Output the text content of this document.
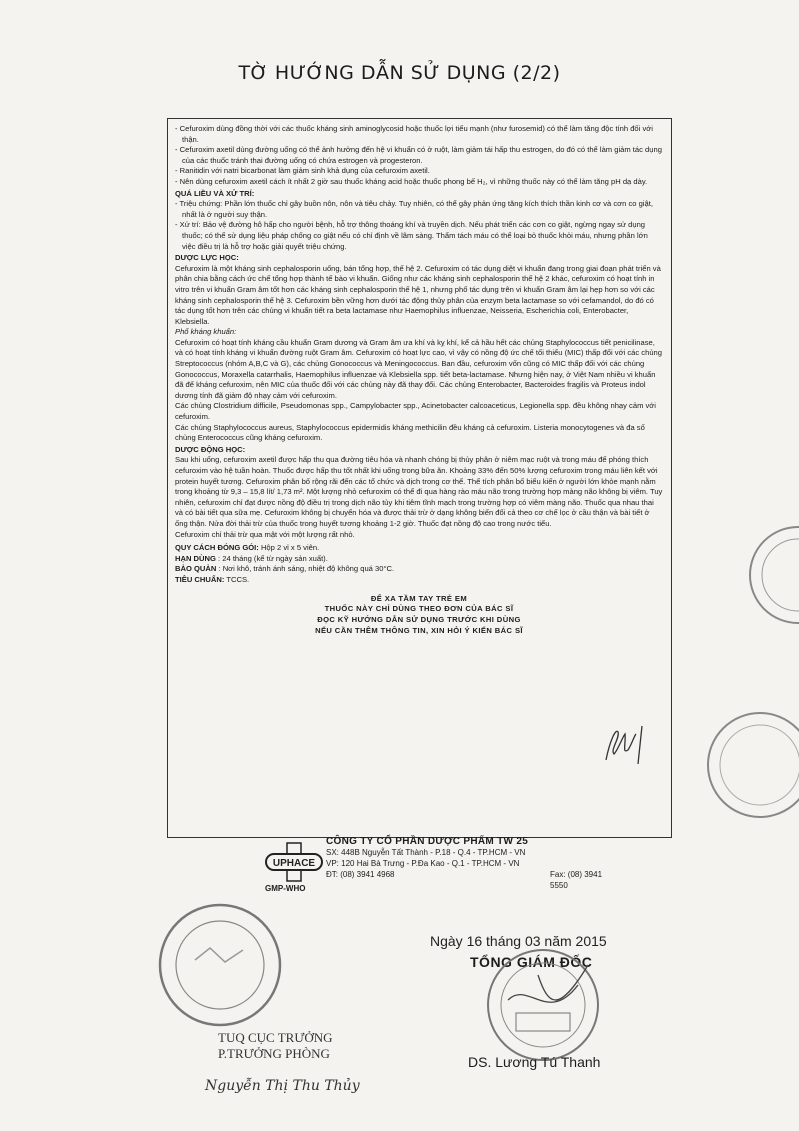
TỜ HƯỚNG DẪN SỬ DỤNG (2/2)

- Cefuroxim dùng đồng thời với các thuốc kháng sinh aminoglycosid hoặc thuốc lợi tiểu mạnh (như furosemid) có thể làm tăng độc tính đối với thận.

- Cefuroxim axetil dùng đường uống có thể ảnh hưởng đến hệ vi khuẩn có ở ruột, làm giảm tái hấp thu estrogen, do đó có thể làm giảm tác dụng của các thuốc tránh thai đường uống có chứa estrogen và progesteron.

- Ranitidin với natri bicarbonat làm giảm sinh khả dụng của cefuroxim axetil.

- Nên dùng cefuroxim axetil cách ít nhất 2 giờ sau thuốc kháng acid hoặc thuốc phong bế H₂, vì những thuốc này có thể làm tăng pH dạ dày.

QUÁ LIỀU VÀ XỬ TRÍ:

- Triệu chứng: Phần lớn thuốc chỉ gây buồn nôn, nôn và tiêu chảy. Tuy nhiên, có thể gây phản ứng tăng kích thích thần kinh cơ và cơn co giật, nhất là ở người suy thận.

- Xử trí: Bảo vệ đường hô hấp cho người bệnh, hỗ trợ thông thoáng khí và truyền dịch. Nếu phát triển các cơn co giật, ngừng ngay sử dụng thuốc; có thể sử dụng liệu pháp chống co giật nếu có chỉ định về lâm sàng. Thẩm tách máu có thể loại bỏ thuốc khỏi máu, nhưng phần lớn việc điều trị là hỗ trợ hoặc giải quyết triệu chứng.

DƯỢC LỰC HỌC:

Cefuroxim là một kháng sinh cephalosporin uống, bán tổng hợp, thế hệ 2. Cefuroxim có tác dụng diệt vi khuẩn đang trong giai đoạn phát triển và phân chia bằng cách ức chế tổng hợp thành tế bào vi khuẩn. Giống như các kháng sinh cephalosporin thế hệ 2 khác, cefuroxim có hoạt tính in vitro trên vi khuẩn Gram âm tốt hơn các kháng sinh cephalosporin thế hệ 1, nhưng phổ tác dụng trên vi khuẩn Gram âm lại hẹp hơn so với các kháng sinh cephalosporin thế hệ 3. Cefuroxim bền vững hơn dưới tác động thủy phân của enzym beta lactamase so với cefamandol, do đó có tác dụng tốt hơn trên các chủng vi khuẩn tiết ra beta lactamase như Haemophilus influenzae, Neisseria, Escherichia coli, Enterobacter, Klebsiella.

Phổ kháng khuẩn:

Cefuroxim có hoạt tính kháng cầu khuẩn Gram dương và Gram âm ưa khí và kỵ khí, kể cả hầu hết các chủng Staphylococcus tiết penicilinase, và có hoạt tính kháng vi khuẩn đường ruột Gram âm. Cefuroxim có hoạt lực cao, vì vậy có nồng độ ức chế tối thiểu (MIC) thấp đối với các chủng Streptococcus (nhóm A,B,C và G), các chủng Gonococcus và Meningococcus. Ban đầu, cefuroxim vốn cũng có MIC thấp đối với các chủng Gonococcus, Moraxella catarrhalis, Haemophilus influenzae và Klebsiella spp. tiết beta-lactamase. Nhưng hiện nay, ở Việt Nam nhiều vi khuẩn đã để kháng cefuroxim, nên MIC của thuốc đối với các chủng này đã thay đổi. Các chủng Enterobacter, Bacteroides fragilis và Proteus indol dương tính đã giảm độ nhạy cảm với cefuroxim.

Các chủng Clostridium difficile, Pseudomonas spp., Campylobacter spp., Acinetobacter calcoaceticus, Legionella spp. đều không nhạy cảm với cefuroxim.

Các chủng Staphylococcus aureus, Staphylococcus epidermidis kháng methicilin đều kháng cả cefuroxim. Listeria monocytogenes và đa số chủng Enterococcus cũng kháng cefuroxim.

DƯỢC ĐỘNG HỌC:

Sau khi uống, cefuroxim axetil được hấp thu qua đường tiêu hóa và nhanh chóng bị thủy phân ở niêm mạc ruột và trong máu để phóng thích cefuroxim vào hệ tuần hoàn. Thuốc được hấp thu tốt nhất khi uống trong bữa ăn. Khoảng 33% đến 50% lượng cefuroxim trong máu liên kết với protein huyết tương. Cefuroxim phân bố rộng rãi đến các tổ chức và dịch trong cơ thể. Thể tích phân bố biểu kiến ở người lớn khỏe mạnh nằm trong khoảng từ 9,3 – 15,8 lít/ 1,73 m². Một lượng nhỏ cefuroxim có thể đi qua hàng rào máu não trong trường hợp màng não không bị viêm. Tuy nhiên, cefuroxim chỉ đạt được nồng độ điều trị trong dịch não tủy khi tiêm tĩnh mạch trong trường hợp có viêm màng não. Thuốc qua nhau thai và có bài tiết qua sữa mẹ. Cefuroxim không bị chuyển hóa và được thải trừ ở dạng không biến đổi cả theo cơ chế lọc ở cầu thận và bài tiết ở ống thận. Nửa đời thải trừ của thuốc trong huyết tương khoảng 1-2 giờ. Thuốc đạt nồng độ cao trong nước tiểu.

Cefuroxim chỉ thải trừ qua mật với một lượng rất nhỏ.

QUY CÁCH ĐÓNG GÓI: Hộp 2 vỉ x 5 viên.

HẠN DÙNG : 24 tháng (kể từ ngày sản xuất).

BẢO QUẢN : Nơi khô, tránh ánh sáng, nhiệt độ không quá 30°C.

TIÊU CHUẨN: TCCS.

ĐỂ XA TẦM TAY TRẺ EM
THUỐC NÀY CHỈ DÙNG THEO ĐƠN CỦA BÁC SĨ
ĐỌC KỸ HƯỚNG DẪN SỬ DỤNG TRƯỚC KHI DÙNG
NẾU CẦN THÊM THÔNG TIN, XIN HỎI Ý KIẾN BÁC SĨ

UPHACE
GMP-WHO
CÔNG TY CỔ PHẦN DƯỢC PHẨM TW 25
SX: 448B Nguyễn Tất Thành - P.18 - Q.4 - TP.HCM - VN
VP: 120 Hai Bà Trưng - P.Đa Kao - Q.1 - TP.HCM - VN
ĐT: (08) 3941 4968	Fax: (08) 3941 5550
TUQ CỤC TRƯỞNG
P.TRƯỞNG PHÒNG
Nguyễn Thị Thu Thủy
Ngày 16 tháng 03 năm 2015
TỔNG GIÁM ĐỐC
DS. Lương Tú Thanh
